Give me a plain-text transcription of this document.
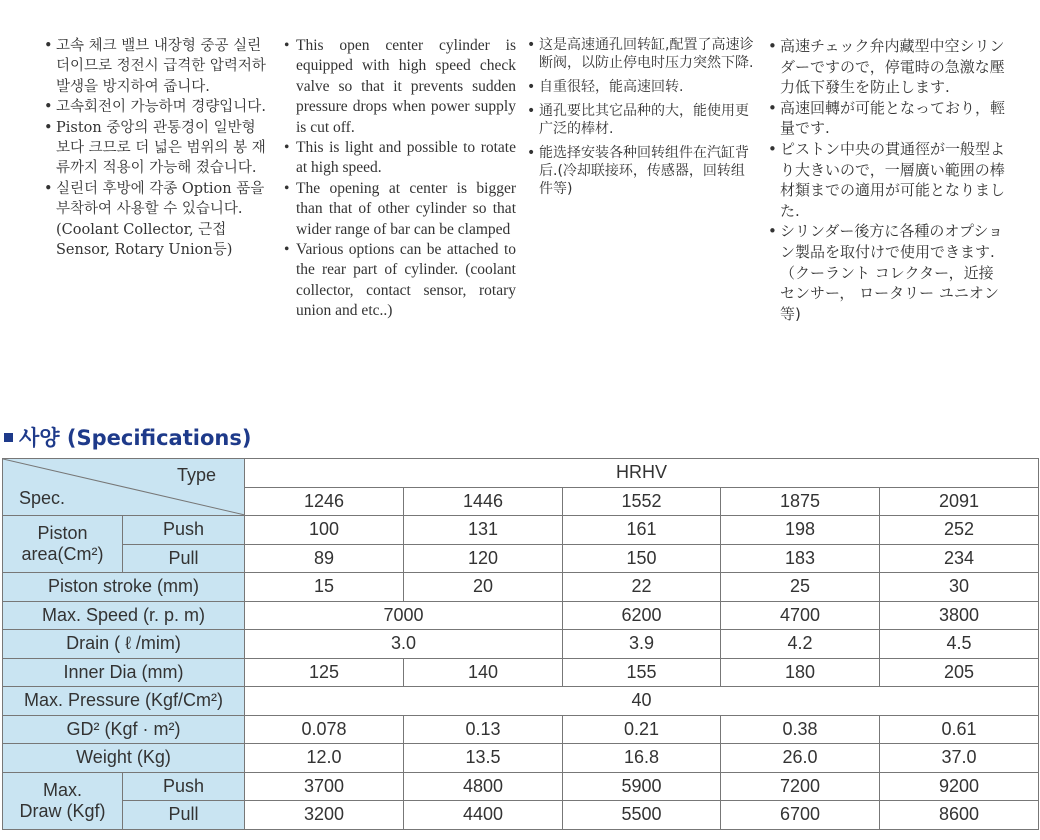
• 고속 체크 밸브 내장형 중공 실린더이므로 정전시 급격한 압력저하 발생을 방지하여 줍니다.
• 고속회전이 가능하며 경량입니다.
• Piston 중앙의 관통경이 일반형보다 크므로 더 넓은 범위의 봉 재류까지 적용이 가능해 졌습니다.
• 실린더 후방에 각종 Option 품을 부착하여 사용할 수 있습니다.(Coolant Collector, 근접 Sensor, Rotary Union등)
• This open center cylinder is equipped with high speed check valve so that it prevents sudden pressure drops when power supply is cut off.
• This is light and possible to rotate at high speed.
• The opening at center is bigger than that of other cylinder so that wider range of bar can be clamped
• Various options can be attached to the rear part of cylinder. (coolant collector, contact sensor, rotary union and etc..)
• 这是高速通孔回转缸,配置了高速诊断阀，以防止停电时压力突然下降.
• 自重很轻，能高速回转.
• 通孔要比其它品种的大，能使用更广泛的棒材.
• 能选择安装各种回转组件在汽缸背后.(冷却联接环，传感器，回转组件等)
• 高速チェック弁内藏型中空シリンダーですので，停電時の急激な壓力低下發生を防止します.
• 高速回轉が可能となっており，輕量です.
• ピストン中央の貫通徑が一般型より大きいので，一層廣い範囲の棒材類までの適用が可能となりました.
• シリンダー後方に各種のオプション製品を取付けで使用できます.（クーラント コレクター，近接センサー， ロータリー ユニオン等)
사양 (Specifications)
Type
Spec.		HRHV				
		1246	1446	1552	1875	2091
Piston area(Cm²)	Push	100	131	161	198	252
	Pull	89	120	150	183	234
Piston stroke (mm)		15	20	22	25	30
Max. Speed (r. p. m)		7000		6200	4700	3800
Drain ( ℓ /mim)		3.0		3.9	4.2	4.5
Inner Dia (mm)		125	140	155	180	205
Max. Pressure (Kgf/Cm²)		40				
GD² (Kgf · m²)		0.078	0.13	0.21	0.38	0.61
Weight (Kg)		12.0	13.5	16.8	26.0	37.0
Max.
Draw (Kgf)	Push	3700	4800	5900	7200	9200
	Pull	3200	4400	5500	6700	8600
